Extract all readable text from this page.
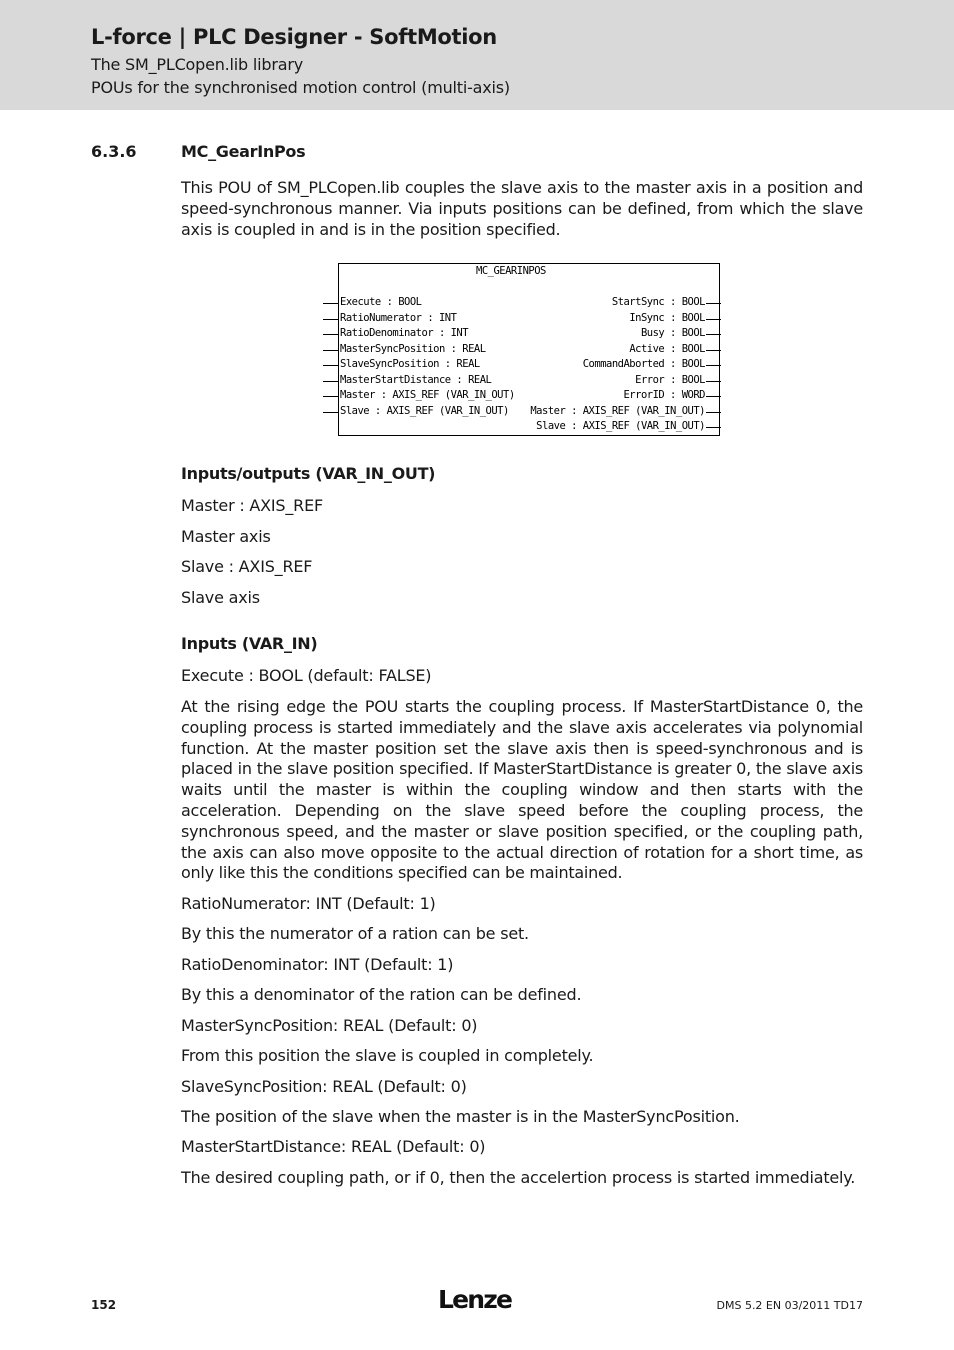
L-force | PLC Designer - SoftMotion
The SM_PLCopen.lib library
POUs for the synchronised motion control (multi-axis)
6.3.6	MC_GearInPos
This POU of SM_PLCopen.lib couples the slave axis to the master axis in a position and speed-synchronous manner. Via inputs positions can be defined, from which the slave axis is coupled in and is in the position specified.
MC_GEARINPOS
Execute : BOOL
RatioNumerator : INT
RatioDenominator : INT
MasterSyncPosition : REAL
SlaveSyncPosition : REAL
MasterStartDistance : REAL
Master : AXIS_REF (VAR_IN_OUT)
Slave : AXIS_REF (VAR_IN_OUT)
StartSync : BOOL
InSync : BOOL
Busy : BOOL
Active : BOOL
CommandAborted : BOOL
Error : BOOL
ErrorID : WORD
Master : AXIS_REF (VAR_IN_OUT)
Slave : AXIS_REF (VAR_IN_OUT)
Inputs/outputs (VAR_IN_OUT)
Master : AXIS_REF
Master axis
Slave : AXIS_REF
Slave axis
Inputs (VAR_IN)
Execute : BOOL (default: FALSE)
At the rising edge the POU starts the coupling process. If MasterStartDistance 0, the coupling process is started immediately and the slave axis accelerates via polynomial function. At the master position set the slave axis then is speed-synchronous and is placed in the slave position specified. If MasterStartDistance is greater 0, the slave axis waits until the master is within the coupling window and then starts with the acceleration. Depending on the slave speed before the coupling process, the synchronous speed, and the master or slave position specified, or the coupling path, the axis can also move opposite to the actual direction of rotation for a short time, as only like this the conditions specified can be maintained.
RatioNumerator: INT (Default: 1)
By this the numerator of a ration can be set.
RatioDenominator: INT (Default: 1)
By this a denominator of the ration can be defined.
MasterSyncPosition: REAL (Default: 0)
From this position the slave is coupled in completely.
SlaveSyncPosition: REAL (Default: 0)
The position of the slave when the master is in the MasterSyncPosition.
MasterStartDistance: REAL (Default: 0)
The desired coupling path, or if 0, then the accelertion process is started immediately.
152	Lenze	DMS 5.2 EN 03/2011 TD17
